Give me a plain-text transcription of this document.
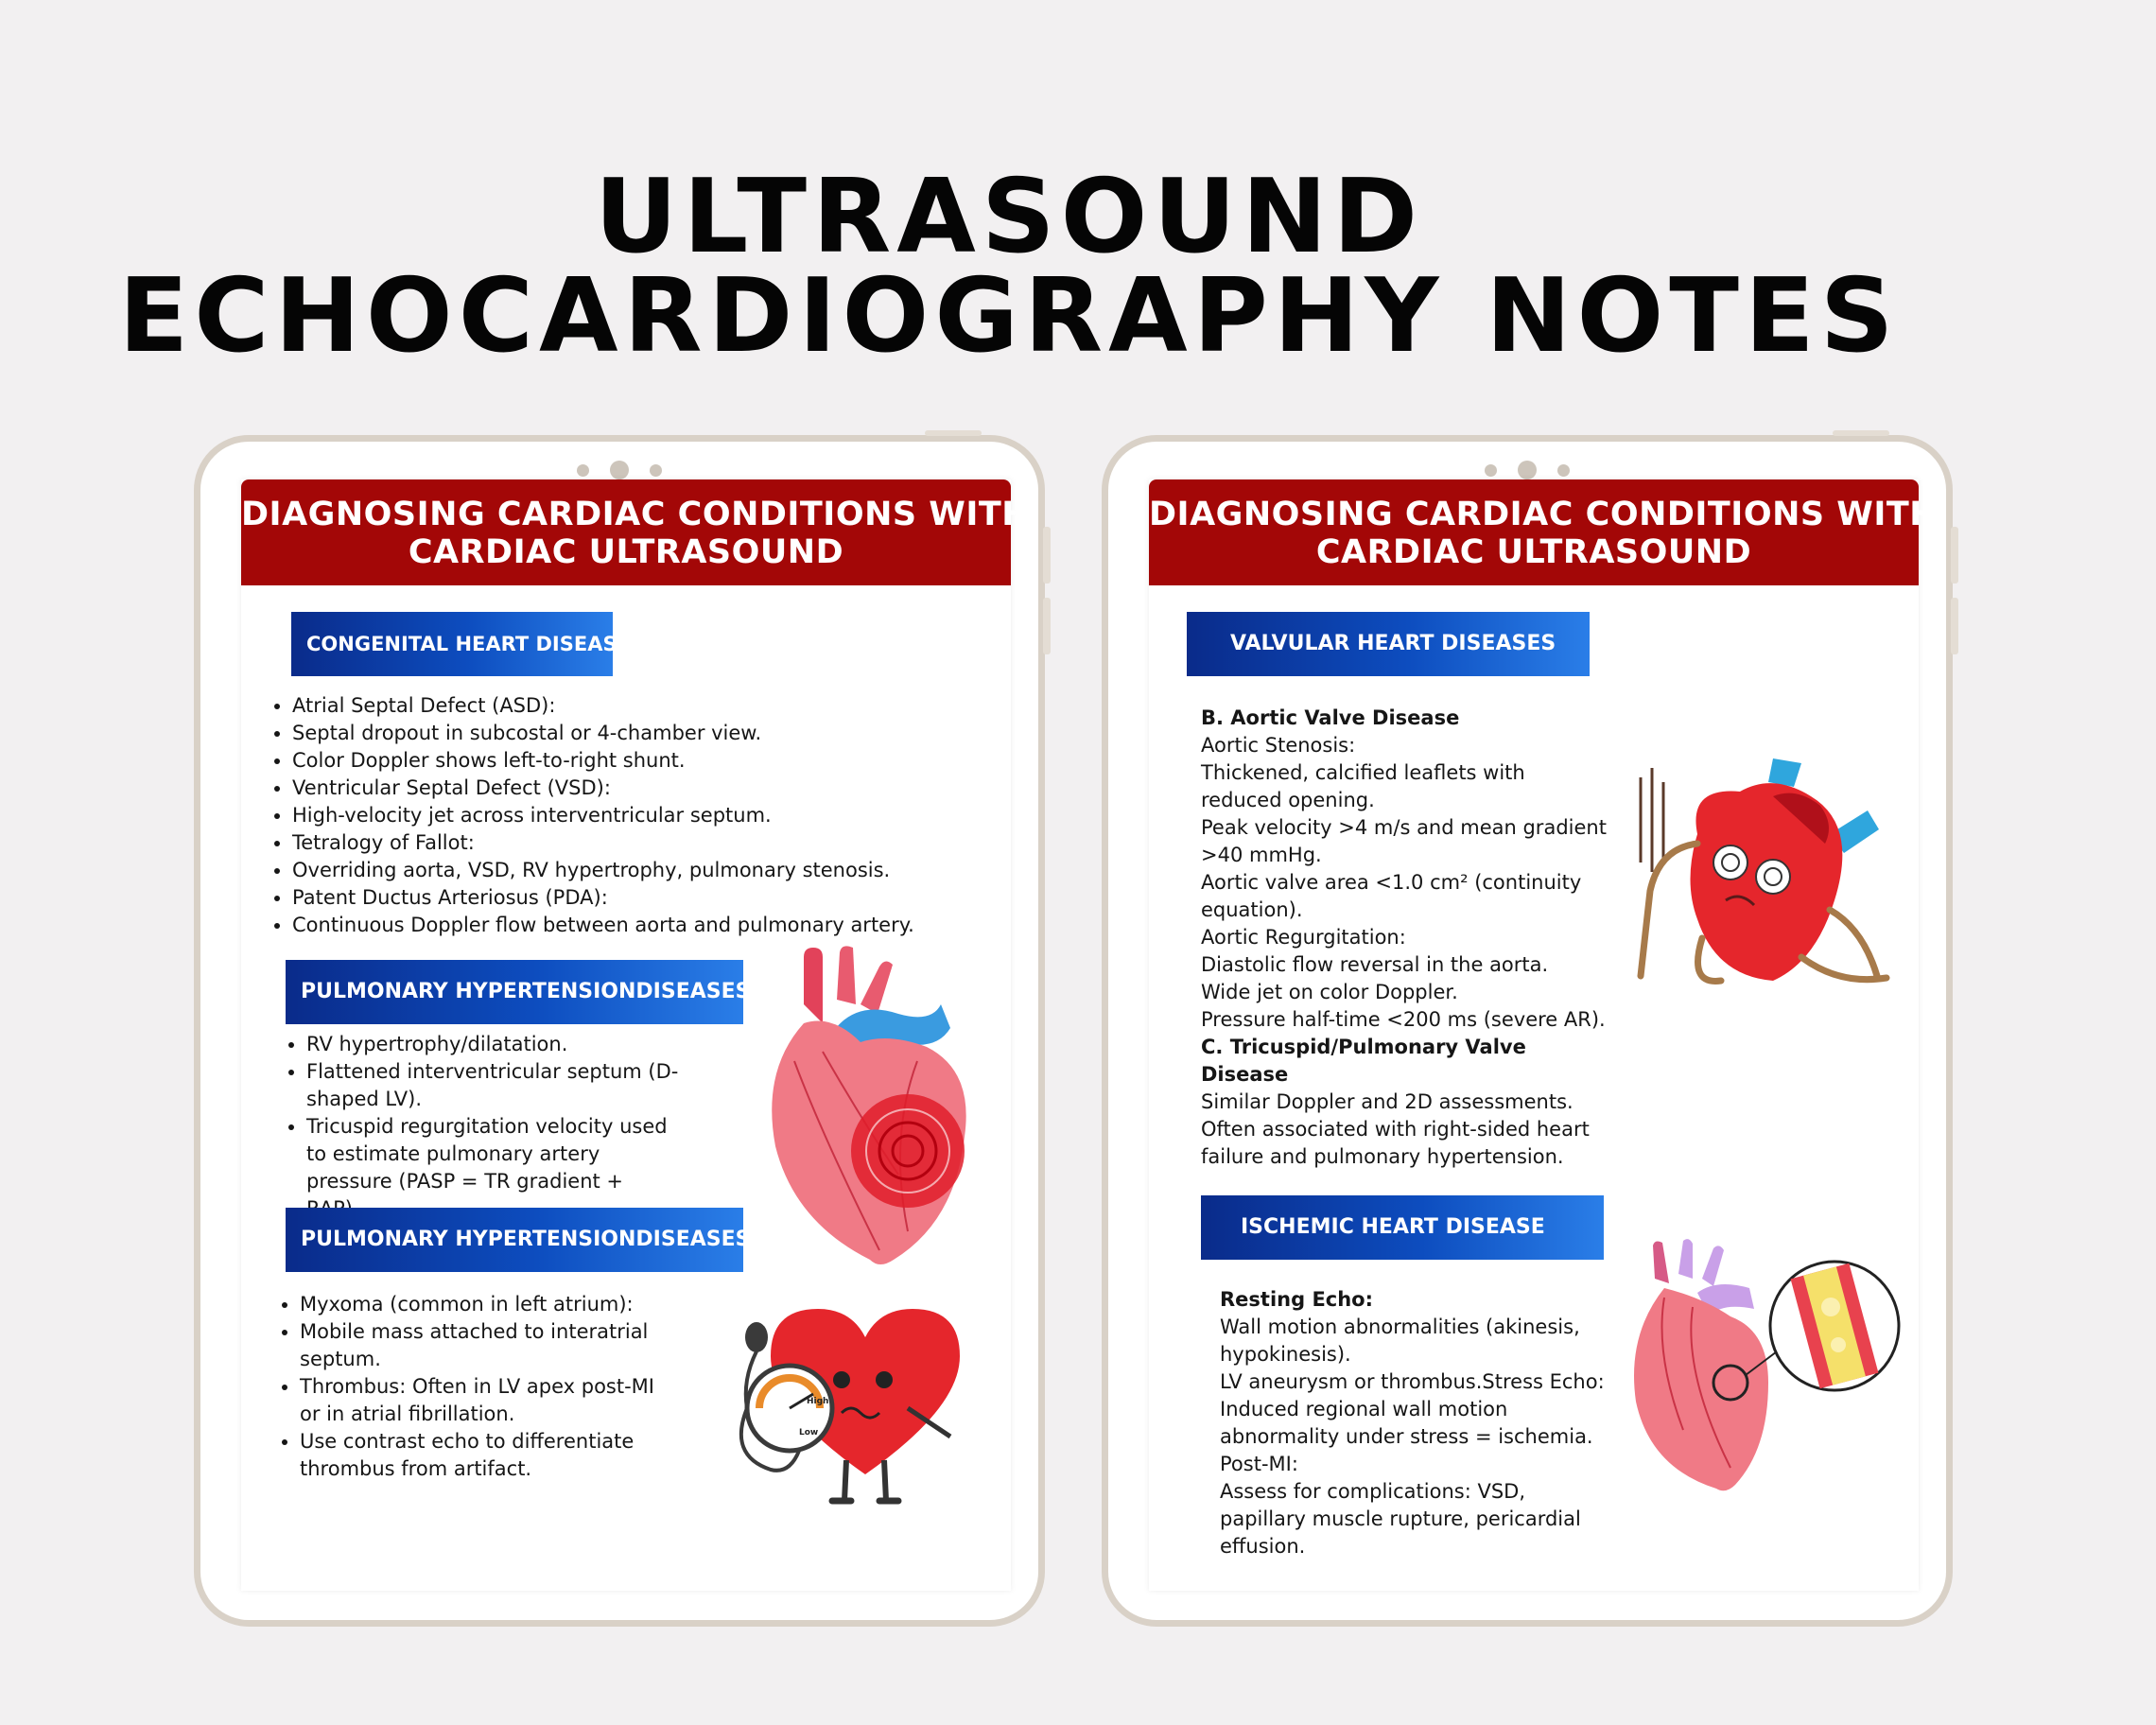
ULTRASOUND
ECHOCARDIOGRAPHY NOTES
DIAGNOSING CARDIAC CONDITIONS WITH
CARDIAC ULTRASOUND
CONGENITAL HEART DISEASE
• Atrial Septal Defect (ASD):
• Septal dropout in subcostal or 4-chamber view.
• Color Doppler shows left-to-right shunt.
• Ventricular Septal Defect (VSD):
• High-velocity jet across interventricular septum.
• Tetralogy of Fallot:
• Overriding aorta, VSD, RV hypertrophy, pulmonary stenosis.
• Patent Ductus Arteriosus (PDA):
• Continuous Doppler flow between aorta and pulmonary artery.
PULMONARY HYPERTENSIONDISEASES
• RV hypertrophy/dilatation.
• Flattened interventricular septum (D-shaped LV).
• Tricuspid regurgitation velocity used to estimate pulmonary artery pressure (PASP = TR gradient +
PULMONARY HYPERTENSIONDISEASES
• Myxoma (common in left atrium):
• Mobile mass attached to interatrial septum.
• Thrombus: Often in LV apex post-MI or in atrial fibrillation.
• Use contrast echo to differentiate thrombus from artifact.
High
Low
DIAGNOSING CARDIAC CONDITIONS WITH
CARDIAC ULTRASOUND
VALVULAR HEART DISEASES
B. Aortic Valve Disease
Aortic Stenosis:
Thickened, calcified leaflets with reduced opening.
Peak velocity >4 m/s and mean gradient >40 mmHg.
Aortic valve area <1.0 cm² (continuity equation).
Aortic Regurgitation:
Diastolic flow reversal in the aorta.
Wide jet on color Doppler.
Pressure half-time <200 ms (severe AR).
C. Tricuspid/Pulmonary Valve Disease
Similar Doppler and 2D assessments.
Often associated with right-sided heart failure and pulmonary hypertension.
ISCHEMIC HEART DISEASE
Resting Echo:
Wall motion abnormalities (akinesis, hypokinesis).
LV aneurysm or thrombus.Stress Echo:
Induced regional wall motion abnormality under stress = ischemia.
Post-MI:
Assess for complications: VSD, papillary muscle rupture, pericardial effusion.
